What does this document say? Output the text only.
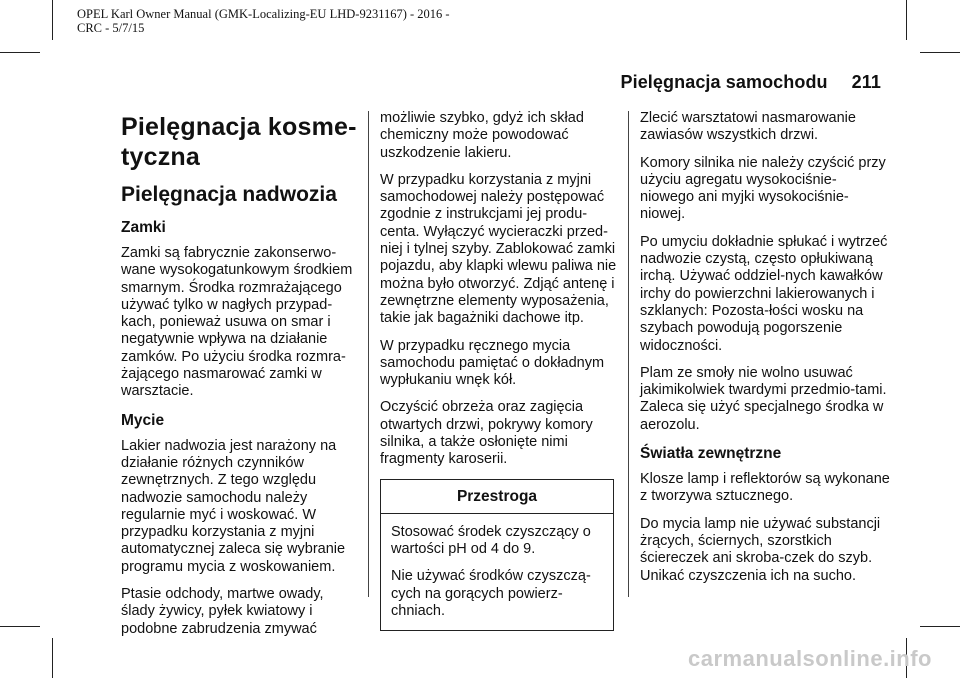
OPEL Karl Owner Manual (GMK-Localizing-EU LHD-9231167) - 2016 -
CRC - 5/7/15
Pielęgnacja samochodu 211
Pielęgnacja kosme-
tyczna
Pielęgnacja nadwozia
Zamki

Zamki są fabrycznie zakonserwo-wane wysokogatunkowym środkiem smarnym. Środka rozmrażającego używać tylko w nagłych przypad-kach, ponieważ usuwa on smar i negatywnie wpływa na działanie zamków. Po użyciu środka rozmra-żającego nasmarować zamki w warsztacie.

Mycie

Lakier nadwozia jest narażony na działanie różnych czynników zewnętrznych. Z tego względu nadwozie samochodu należy regularnie myć i woskować. W przypadku korzystania z myjni automatycznej zaleca się wybranie programu mycia z woskowaniem.

Ptasie odchody, martwe owady, ślady żywicy, pyłek kwiatowy i podobne zabrudzenia zmywać

możliwie szybko, gdyż ich skład chemiczny może powodować uszkodzenie lakieru.

W przypadku korzystania z myjni samochodowej należy postępować zgodnie z instrukcjami jej produ-centa. Wyłączyć wycieraczki przed-niej i tylnej szyby. Zablokować zamki pojazdu, aby klapki wlewu paliwa nie można było otworzyć. Zdjąć antenę i zewnętrzne elementy wyposażenia, takie jak bagażniki dachowe itp.

W przypadku ręcznego mycia samochodu pamiętać o dokładnym wypłukaniu wnęk kół.

Oczyścić obrzeża oraz zagięcia otwartych drzwi, pokrywy komory silnika, a także osłonięte nimi fragmenty karoserii.

Przestroga

Stosować środek czyszczący o wartości pH od 4 do 9.

Nie używać środków czyszczą-cych na gorących powierz-chniach.

Zlecić warsztatowi nasmarowanie zawiasów wszystkich drzwi.

Komory silnika nie należy czyścić przy użyciu agregatu wysokociśnie-niowego ani myjki wysokociśnie-niowej.

Po umyciu dokładnie spłukać i wytrzeć nadwozie czystą, często opłukiwaną irchą. Używać oddziel-nych kawałków irchy do powierzchni lakierowanych i szklanych: Pozosta-łości wosku na szybach powodują pogorszenie widoczności.

Plam ze smoły nie wolno usuwać jakimikolwiek twardymi przedmio-tami. Zaleca się użyć specjalnego środka w aerozolu.

Światła zewnętrzne

Klosze lamp i reflektorów są wykonane z tworzywa sztucznego.

Do mycia lamp nie używać substancji żrących, ściernych, szorstkich ściereczek ani skroba-czek do szyb. Unikać czyszczenia ich na sucho.

carmanualsonline.info
